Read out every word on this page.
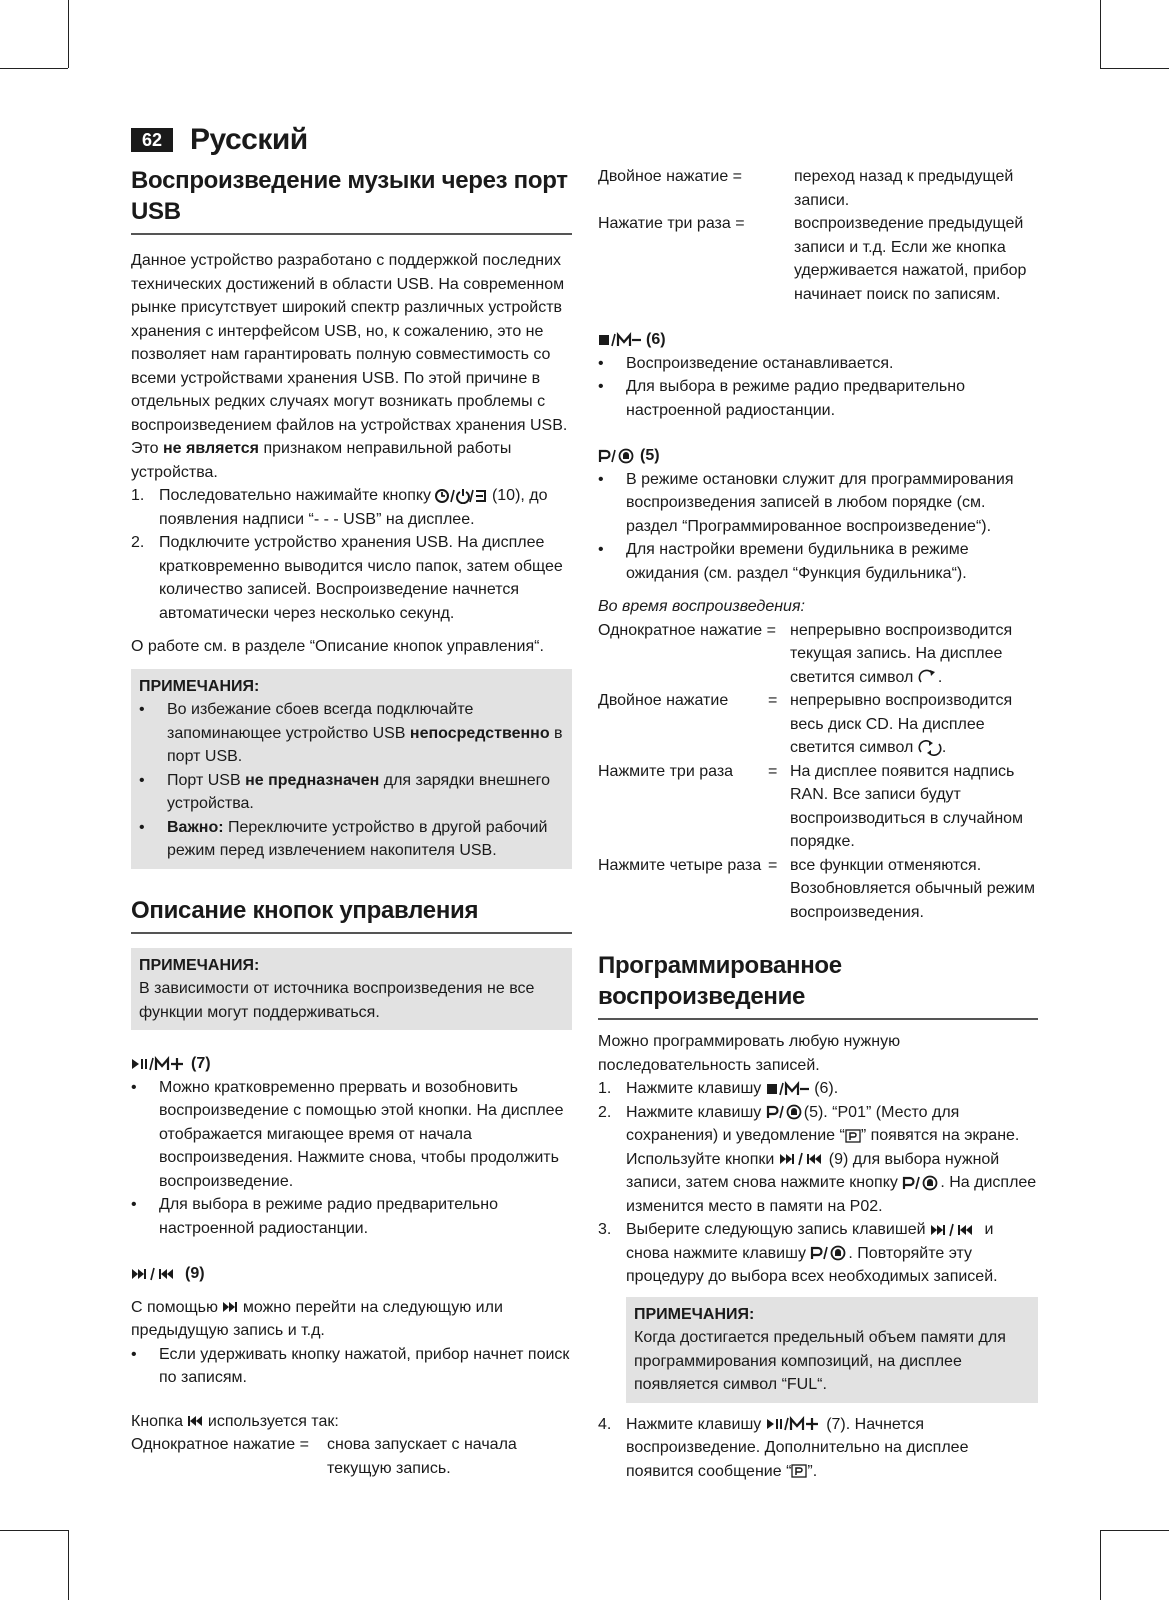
62 Русский
Воспроизведение музыки через порт USB

Данное устройство разработано с поддержкой последних технических достижений в области USB. На современном рынке присутствует широкий спектр различных устройств хранения с интерфейсом USB, но, к сожалению, это не позволяет нам гарантировать полную совместимость со всеми устройствами хранения USB. По этой причине в отдельных редких случаях могут возникать проблемы с воспроизведением файлов на устройствах хранения USB. Это не является признаком неправильной работы устройства.

1. Последовательно нажимайте кнопку	(10), до появления надписи “- - - USB” на дисплее.
2. Подключите устройство хранения USB. На дисплее кратковременно выводится число папок, затем общее количество записей. Воспроизведение начнется автоматически через несколько секунд.

О работе см. в разделе “Описание кнопок управления“.

ПРИМЕЧАНИЯ:
• Во избежание сбоев всегда подключайте запоминающее устройство USB непосредственно в порт USB.
• Порт USB не предназначен для зарядки внешнего устройства.
• Важно: Переключите устройство в другой рабочий режим перед извлечением накопителя USB.
Описание кнопок управления
ПРИМЕЧАНИЯ:

В зависимости от источника воспроизведения не все функции могут поддерживаться.

(7)
• Можно кратковременно прервать и возобновить воспроизведение с помощью этой кнопки. На дисплее отображается мигающее время от начала воспроизведения. Нажмите снова, чтобы продолжить воспроизведение.
• Для выбора в режиме радио предварительно настроенной радиостанции.
(9)

С помощью можно перейти на следующую или предыдущую запись и т.д.

• Если удерживать кнопку нажатой, прибор начнет поиск по записям.

Кнопка используется так:

Однократное нажатие =	снова запускает с начала текущую запись.
Двойное нажатие =	переход назад к предыдущей записи.
Нажатие три раза =	воспроизведение предыдущей записи и т.д. Если же кнопка удерживается нажатой, прибор начинает поиск по записям.
(6)
• Воспроизведение останавливается.
• Для выбора в режиме радио предварительно настроенной радиостанции.
(5)
• В режиме остановки служит для программирования воспроизведения записей в любом порядке (см. раздел “Программированное воспроизведение“).
• Для настройки времени будильника в режиме ожидания (см. раздел “Функция будильника“).

Во время воспроизведения:

Однократное нажатие = непрерывно воспроизводится текущая запись. На дисплее светится символ .
Двойное нажатие	= непрерывно воспроизводится весь диск CD. На дисплее светится символ .
Нажмите три раза	= На дисплее появится надпись RAN. Все записи будут воспроизводиться в случайном порядке.
Нажмите четыре раза = все функции отменяются. Возобновляется обычный режим воспроизведения.
Программированное воспроизведение

Можно программировать любую нужную последовательность записей.

1. Нажмите клавишу	(6).
2. Нажмите клавишу	(5). “P01” (Место для сохранения) и уведомление “ ” появятся на экране. Используйте кнопки	(9) для выбора нужной записи, затем снова нажмите кнопку	. На дисплее изменится место в памяти на P02.
3. Выберите следующую запись клавишей	и снова нажмите клавишу	. Повторяйте эту процедуру до выбора всех необходимых записей.
ПРИМЕЧАНИЯ:

Когда достигается предельный объем памяти для программирования композиций, на дисплее появляется символ “FUL“.

4. Нажмите клавишу	(7). Начнется воспроизведение. Дополнительно на дисплее появится сообщение “ ”.
